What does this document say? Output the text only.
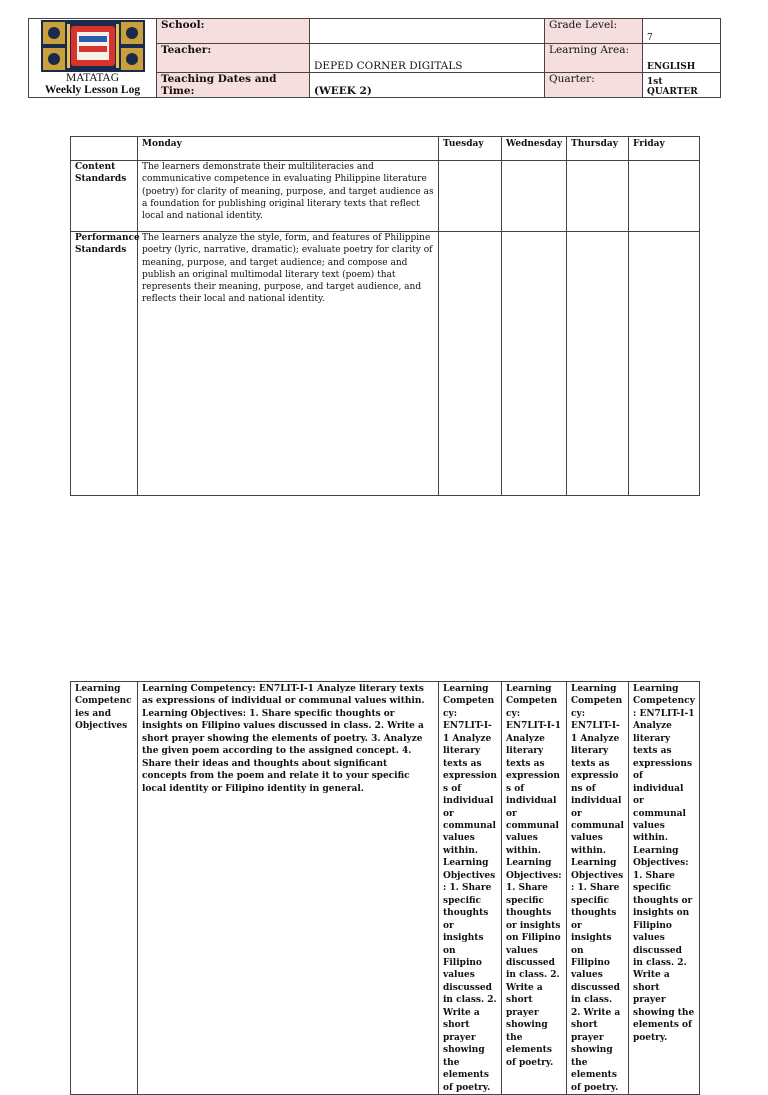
MATATAG
Weekly Lesson Log	School:		Grade Level:	7
	Teacher:	DEPED CORNER DIGITALS	Learning Area:	ENGLISH
	Teaching Dates and Time:	(WEEK 2)	Quarter:	1st QUARTER
	Monday	Tuesday	Wednesday	Thursday	Friday
Content Standards	The learners demonstrate their multiliteracies and communicative competence in evaluating Philippine literature (poetry) for clarity of meaning, purpose, and target audience as a foundation for publishing original literary texts that reflect local and national identity.				
Performance Standards	The learners analyze the style, form, and features of Philippine poetry (lyric, narrative, dramatic); evaluate poetry for clarity of meaning, purpose, and target audience; and compose and publish an original multimodal literary text (poem) that represents their meaning, purpose, and target audience, and reflects their local and national identity.				
Learning Competencies and Objectives	Learning Competency: EN7LIT-I-1 Analyze literary texts as expressions of individual or communal values within. Learning Objectives: 1. Share specific thoughts or insights on Filipino values discussed in class. 2. Write a short prayer showing the elements of poetry. 3. Analyze the given poem according to the assigned concept. 4. Share their ideas and thoughts about significant concepts from the poem and relate it to your specific local identity or Filipino identity in general.	Learning Competency: EN7LIT-I-1 Analyze literary texts as expressions of individual or communal values within. Learning Objectives: 1. Share specific thoughts or insights on Filipino values discussed in class. 2. Write a short prayer showing the elements of poetry.	Learning Competency: EN7LIT-I-1 Analyze literary texts as expressions of individual or communal values within. Learning Objectives: 1. Share specific thoughts or insights on Filipino values discussed in class. 2. Write a short prayer showing the elements of poetry.	Learning Competency: EN7LIT-I-1 Analyze literary texts as expressions of individual or communal values within. Learning Objectives: 1. Share specific thoughts or insights on Filipino values discussed in class. 2. Write a short prayer showing the elements of poetry.	Learning Competency: EN7LIT-I-1 Analyze literary texts as expressions of individual or communal values within. Learning Objectives: 1. Share specific thoughts or insights on Filipino values discussed in class. 2. Write a short prayer showing the elements of poetry.
